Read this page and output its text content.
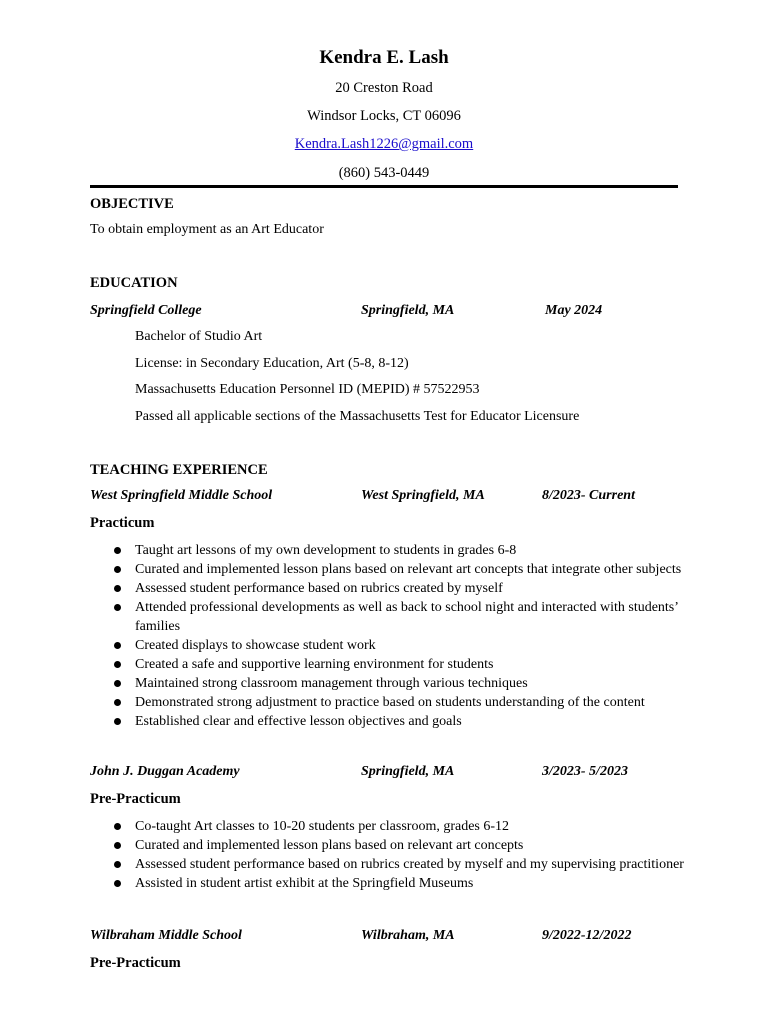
Kendra E. Lash
20 Creston Road
Windsor Locks, CT 06096
Kendra.Lash1226@gmail.com
(860) 543-0449
OBJECTIVE
To obtain employment as an Art Educator
EDUCATION
Springfield College	Springfield, MA	May 2024
Bachelor of Studio Art
License: in Secondary Education, Art (5-8, 8-12)
Massachusetts Education Personnel ID (MEPID) # 57522953
Passed all applicable sections of the Massachusetts Test for Educator Licensure
TEACHING EXPERIENCE
West Springfield Middle School	West Springfield, MA	8/2023- Current
Practicum
Taught art lessons of my own development to students in grades 6-8
Curated and implemented lesson plans based on relevant art concepts that integrate other subjects
Assessed student performance based on rubrics created by myself
Attended professional developments as well as back to school night and interacted with students’ families
Created displays to showcase student work
Created a safe and supportive learning environment for students
Maintained strong classroom management through various techniques
Demonstrated strong adjustment to practice based on students understanding of the content
Established clear and effective lesson objectives and goals
John J. Duggan Academy	Springfield, MA	3/2023- 5/2023
Pre-Practicum
Co-taught Art classes to 10-20 students per classroom, grades 6-12
Curated and implemented lesson plans based on relevant art concepts
Assessed student performance based on rubrics created by myself and my supervising practitioner
Assisted in student artist exhibit at the Springfield Museums
Wilbraham Middle School	Wilbraham, MA	9/2022-12/2022
Pre-Practicum
